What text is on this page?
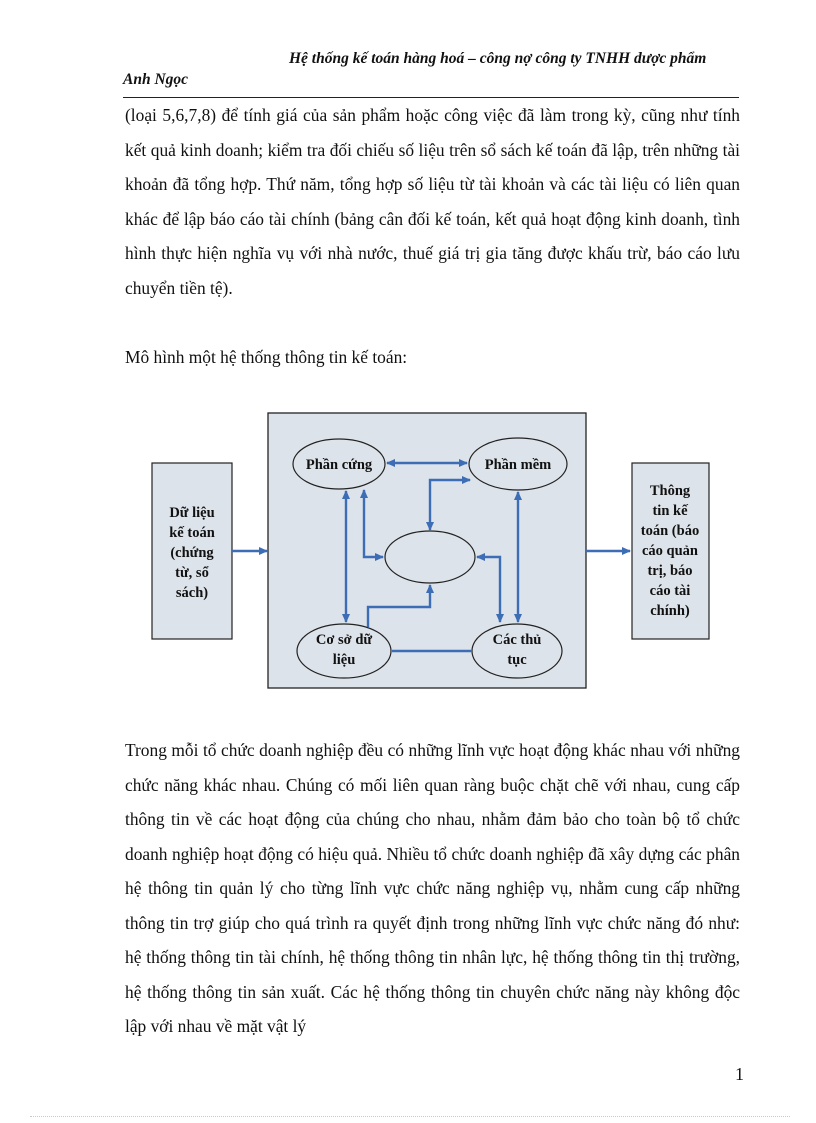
Hệ thống kế toán hàng hoá – công nợ công ty TNHH dược phẩm
Anh Ngọc
(loại 5,6,7,8) để tính giá của sản phẩm hoặc công việc đã làm trong kỳ, cũng như tính kết quả kinh doanh; kiểm tra đối chiếu số liệu trên sổ sách kế toán đã lập, trên những tài khoản đã tổng hợp. Thứ năm, tổng hợp số liệu từ tài khoản và các tài liệu có liên quan khác để lập báo cáo tài chính (bảng cân đối kế toán, kết quả hoạt động kinh doanh, tình hình thực hiện nghĩa vụ với nhà nước, thuế giá trị gia tăng được khấu trừ, báo cáo lưu chuyển tiền tệ).
Mô hình một hệ thống thông tin kế toán:
Phần cứng	Phần mềm
Cơ sở dữ
liệu
Các thủ
tục
Dữ liệu
kế toán
(chứng
từ, sổ
sách)
Thông
tin kế
toán (báo
cáo quản
trị, báo
cáo tài
chính)
Trong mỗi tổ chức doanh nghiệp đều có những lĩnh vực hoạt động khác nhau với những chức năng khác nhau. Chúng có mối liên quan ràng buộc chặt chẽ với nhau, cung cấp thông tin về các hoạt động của chúng cho nhau, nhằm đảm bảo cho toàn bộ tổ chức doanh nghiệp hoạt động có hiệu quả. Nhiều tổ chức doanh nghiệp đã xây dựng các phân hệ thông tin quản lý cho từng lĩnh vực chức năng nghiệp vụ, nhằm cung cấp những thông tin trợ giúp cho quá trình ra quyết định trong những lĩnh vực chức năng đó như: hệ thống thông tin tài chính, hệ thống thông tin nhân lực, hệ thống thông tin thị trường, hệ thống thông tin sản xuất. Các hệ thống thông tin chuyên chức năng này không độc lập với nhau về mặt vật lý
1
